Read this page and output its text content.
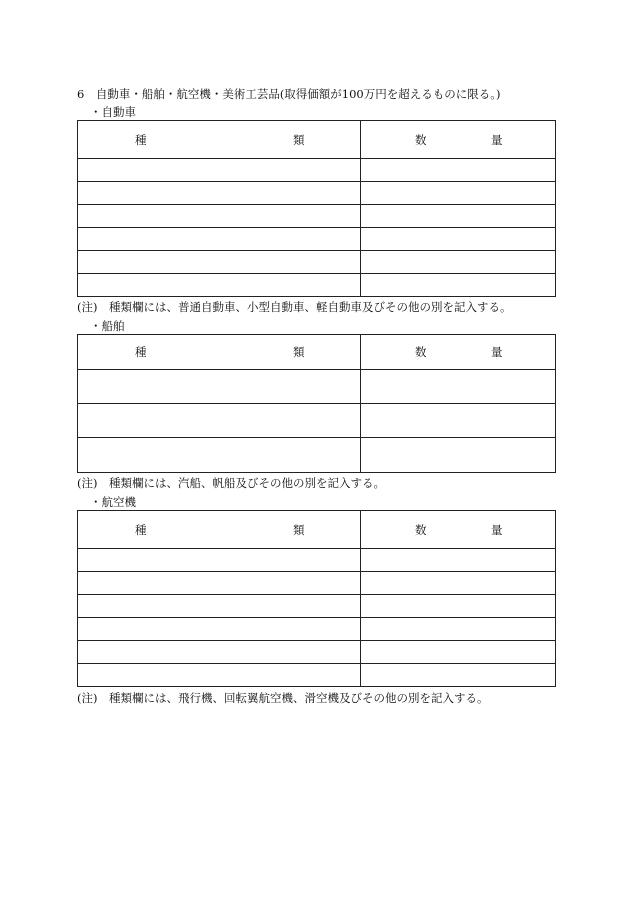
6　自動車・船舶・航空機・美術工芸品(取得価額が100万円を超えるものに限る。)
・自動車
種 類	数 量

(注)　種類欄には、普通自動車、小型自動車、軽自動車及びその他の別を記入する。
・船舶
種 類	数 量

(注)　種類欄には、汽船、帆船及びその他の別を記入する。
・航空機
種 類	数 量

(注)　種類欄には、飛行機、回転翼航空機、滑空機及びその他の別を記入する。
